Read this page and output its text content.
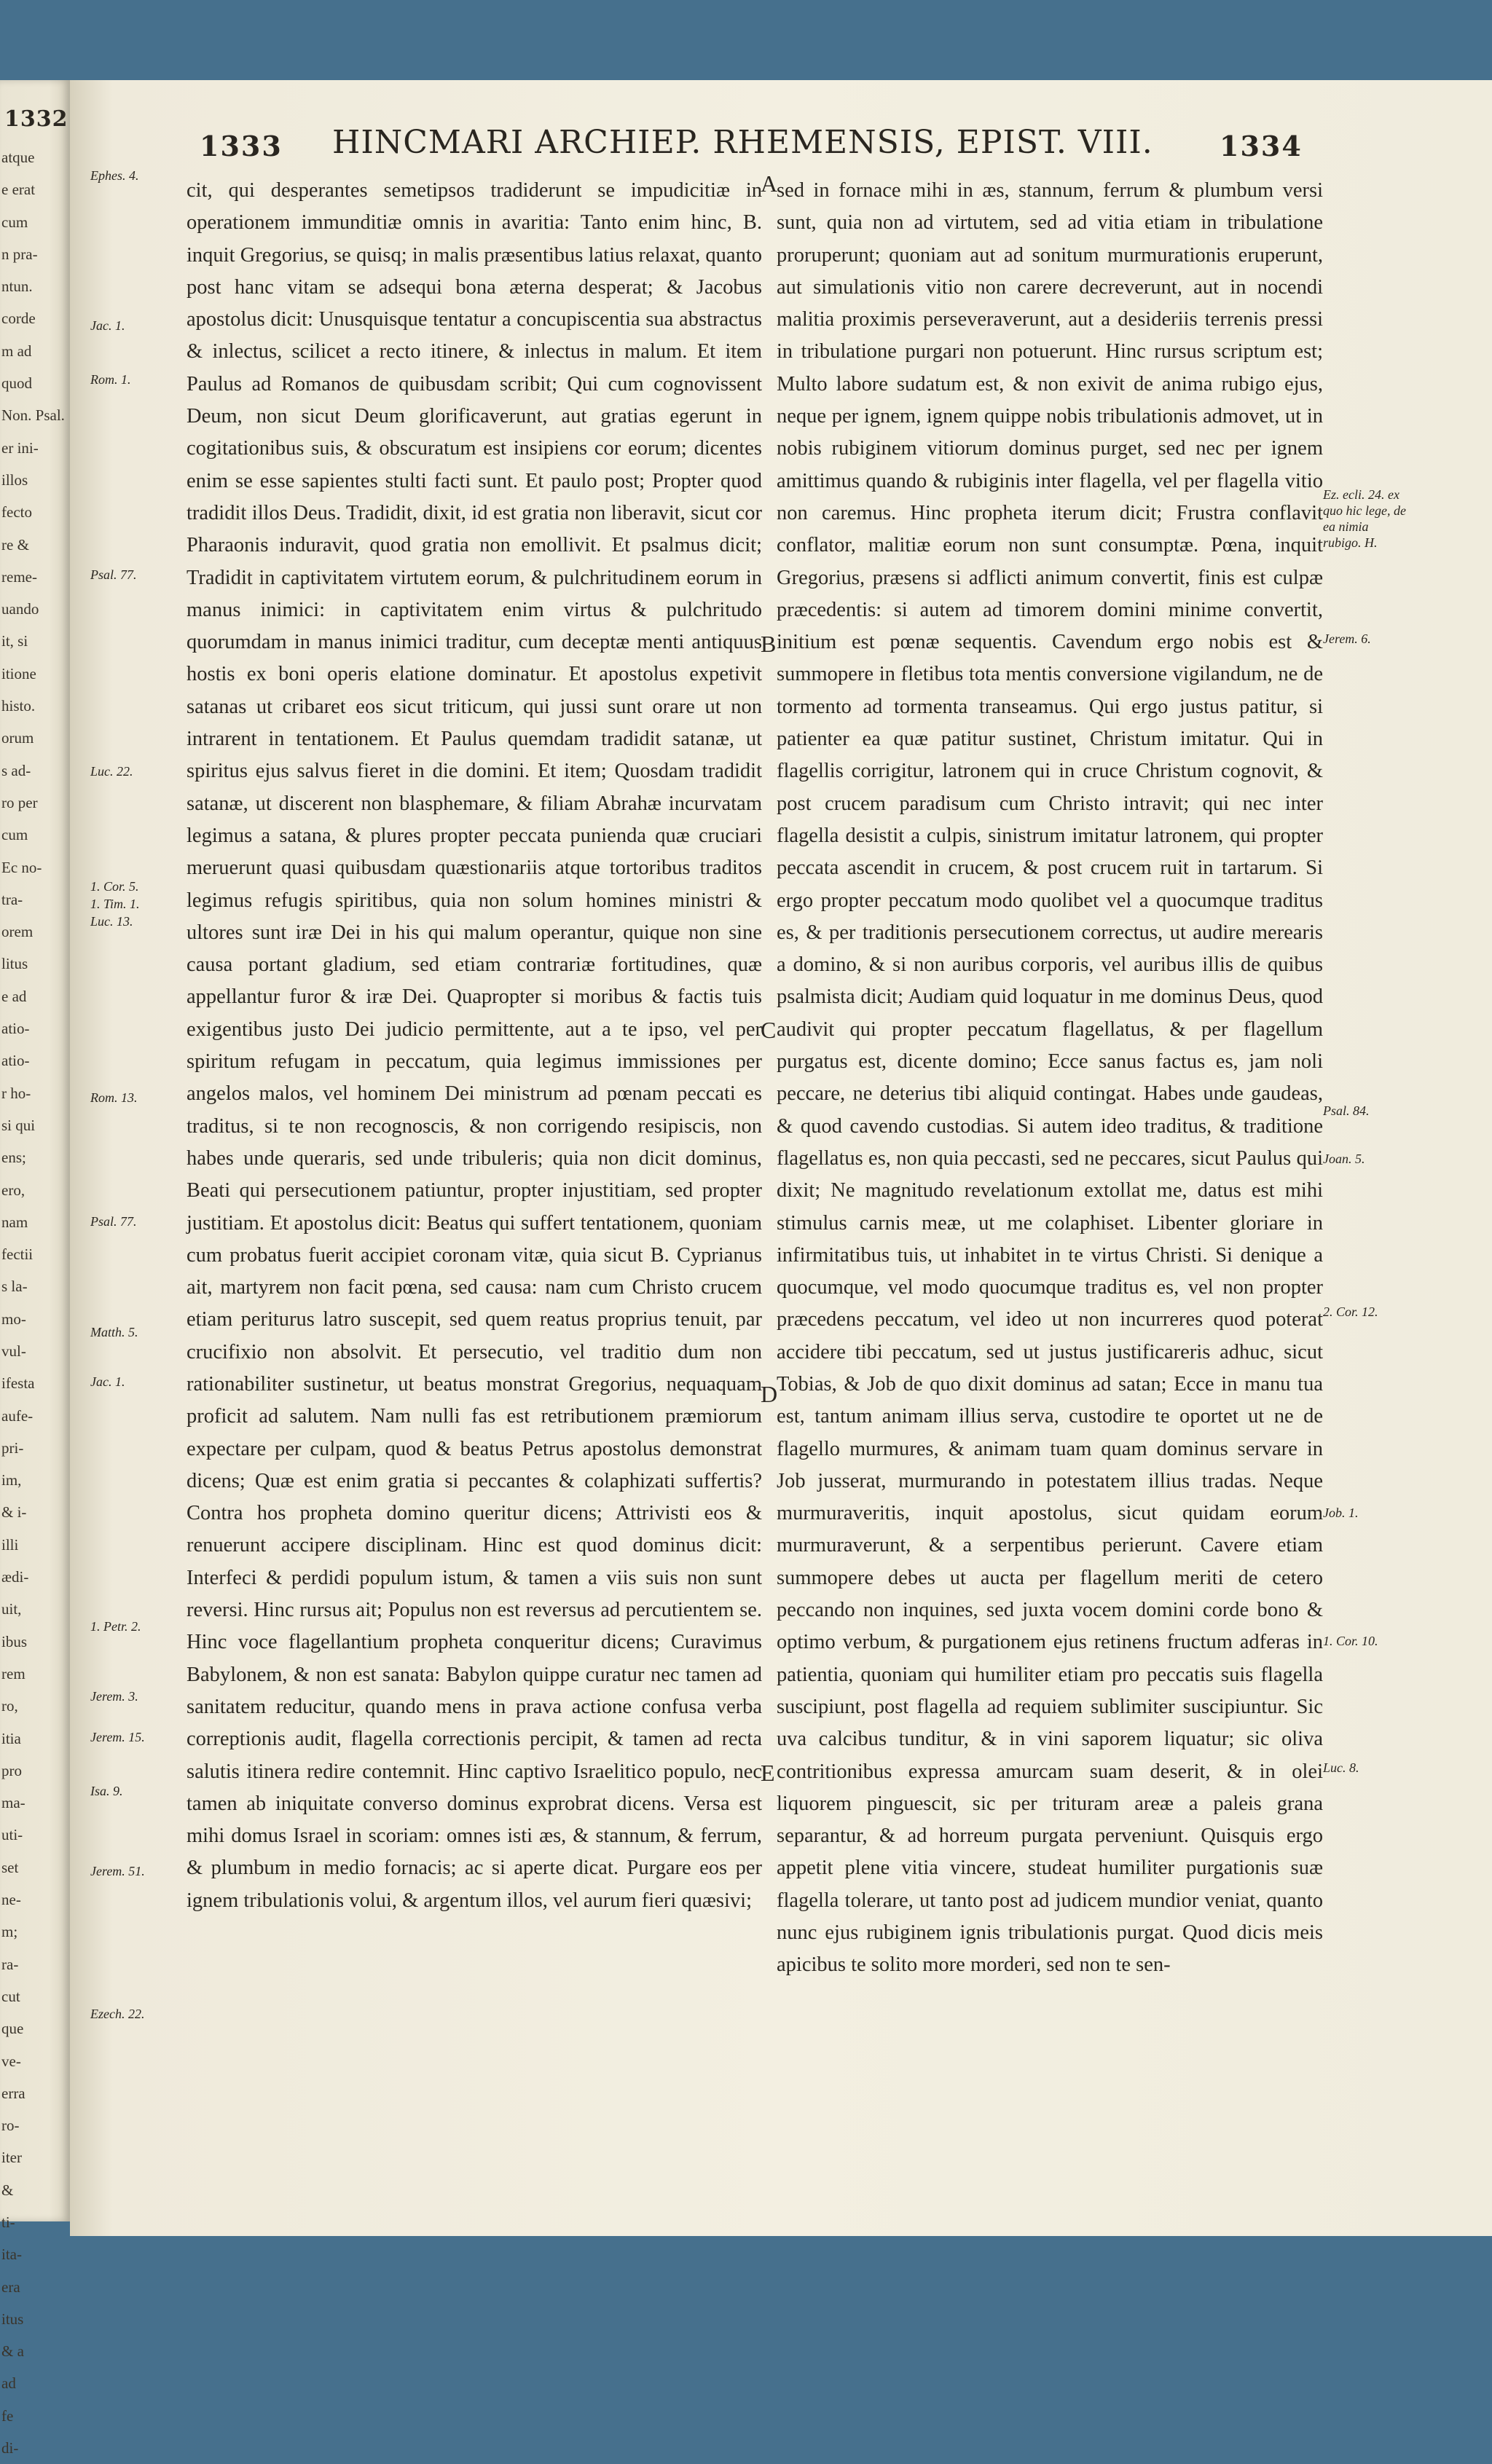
1332
atque
e erat
cum
n pra-
ntun.
corde
m ad
quod
Non. Psal.
er ini-
illos
fecto
re &
reme-
uando
it, si
itione
histo.
orum
s ad-
ro per
cum
Ec no-
tra-
orem
litus
e ad
atio-
atio-
r ho-
si qui
ens;
ero,
nam
fectii
s la-
mo-
vul-
ifesta
aufe-
pri-
im,
& i-
illi
ædi-
uit,
ibus
rem
ro,
itia
pro
ma-
uti-
set
ne-
m;
ra-
cut
que
ve-
erra
ro-
iter
&
ti-
ita-
era
itus
& a
ad
fe
di-
1333 HINCMARI ARCHIEP. RHEMENSIS, EPIST. VIII. 1334
Ephes. 4.
Jac. 1.
Rom. 1.
Psal. 77.
Luc. 22.
1. Cor. 5.
1. Tim. 1.
Luc. 13.
Rom. 13.
Psal. 77.
Matth. 5.
Jac. 1.
1. Petr. 2.
Jerem. 3.
Jerem. 15.
Isa. 9.
Jerem. 51.
Ezech. 22.

cit, qui desperantes semetipsos tradiderunt se impudicitiæ in operationem immunditiæ omnis in avaritia: Tanto enim hinc, B. inquit Gregorius, se quisq; in malis præsentibus latius relaxat, quanto post hanc vitam se adsequi bona æterna desperat; & Jacobus apostolus dicit: Unusquisque tentatur a concupiscentia sua abstractus & inlectus, scilicet a recto itinere, & inlectus in malum. Et item Paulus ad Romanos de quibusdam scribit; Qui cum cognovissent Deum, non sicut Deum glorificaverunt, aut gratias egerunt in cogitationibus suis, & obscuratum est insipiens cor eorum; dicentes enim se esse sapientes stulti facti sunt. Et paulo post; Propter quod tradidit illos Deus. Tradidit, dixit, id est gratia non liberavit, sicut cor Pharaonis induravit, quod gratia non emollivit. Et psalmus dicit; Tradidit in captivitatem virtutem eorum, & pulchritudinem eorum in manus inimici: in captivitatem enim virtus & pulchritudo quorumdam in manus inimici traditur, cum deceptæ menti antiquus hostis ex boni operis elatione dominatur. Et apostolus expetivit satanas ut cribaret eos sicut triticum, qui jussi sunt orare ut non intrarent in tentationem. Et Paulus quemdam tradidit satanæ, ut spiritus ejus salvus fieret in die domini. Et item; Quosdam tradidit satanæ, ut discerent non blasphemare, & filiam Abrahæ incurvatam legimus a satana, & plures propter peccata punienda quæ cruciari meruerunt quasi quibusdam quæstionariis atque tortoribus traditos legimus refugis spiritibus, quia non solum homines ministri & ultores sunt iræ Dei in his qui malum operantur, quique non sine causa portant gladium, sed etiam contrariæ fortitudines, quæ appellantur furor & iræ Dei. Quapropter si moribus & factis tuis exigentibus justo Dei judicio permittente, aut a te ipso, vel per spiritum refugam in peccatum, quia legimus immissiones per angelos malos, vel hominem Dei ministrum ad pœnam peccati es traditus, si te non recognoscis, & non corrigendo resipiscis, non habes unde queraris, sed unde tribuleris; quia non dicit dominus, Beati qui persecutionem patiuntur, propter injustitiam, sed propter justitiam. Et apostolus dicit: Beatus qui suffert tentationem, quoniam cum probatus fuerit accipiet coronam vitæ, quia sicut B. Cyprianus ait, martyrem non facit pœna, sed causa: nam cum Christo crucem etiam periturus latro suscepit, sed quem reatus proprius tenuit, par crucifixio non absolvit. Et persecutio, vel traditio dum non rationabiliter sustinetur, ut beatus monstrat Gregorius, nequaquam proficit ad salutem. Nam nulli fas est retributionem præmiorum expectare per culpam, quod & beatus Petrus apostolus demonstrat dicens; Quæ est enim gratia si peccantes & colaphizati suffertis? Contra hos propheta domino queritur dicens; Attrivisti eos & renuerunt accipere disciplinam. Hinc est quod dominus dicit: Interfeci & perdidi populum istum, & tamen a viis suis non sunt reversi. Hinc rursus ait; Populus non est reversus ad percutientem se. Hinc voce flagellantium propheta conqueritur dicens; Curavimus Babylonem, & non est sanata: Babylon quippe curatur nec tamen ad sanitatem reducitur, quando mens in prava actione confusa verba correptionis audit, flagella correctionis percipit, & tamen ad recta salutis itinera redire contemnit. Hinc captivo Israelitico populo, nec tamen ab iniquitate converso dominus exprobrat dicens. Versa est mihi domus Israel in scoriam: omnes isti æs, & stannum, & ferrum, & plumbum in medio fornacis; ac si aperte dicat. Purgare eos per ignem tribulationis volui, & argentum illos, vel aurum fieri quæsivi;

A
B
C
D
E

sed in fornace mihi in æs, stannum, ferrum & plumbum versi sunt, quia non ad virtutem, sed ad vitia etiam in tribulatione proruperunt; quoniam aut ad sonitum murmurationis eruperunt, aut simulationis vitio non carere decreverunt, aut in nocendi malitia proximis perseveraverunt, aut a desideriis terrenis pressi in tribulatione purgari non potuerunt. Hinc rursus scriptum est; Multo labore sudatum est, & non exivit de anima rubigo ejus, neque per ignem, ignem quippe nobis tribulationis admovet, ut in nobis rubiginem vitiorum dominus purget, sed nec per ignem amittimus quando & rubiginis inter flagella, vel per flagella vitio non caremus. Hinc propheta iterum dicit; Frustra conflavit conflator, malitiæ eorum non sunt consumptæ. Pœna, inquit Gregorius, præsens si adflicti animum convertit, finis est culpæ præcedentis: si autem ad timorem domini minime convertit, initium est pœnæ sequentis. Cavendum ergo nobis est & summopere in fletibus tota mentis conversione vigilandum, ne de tormento ad tormenta transeamus. Qui ergo justus patitur, si patienter ea quæ patitur sustinet, Christum imitatur. Qui in flagellis corrigitur, latronem qui in cruce Christum cognovit, & post crucem paradisum cum Christo intravit; qui nec inter flagella desistit a culpis, sinistrum imitatur latronem, qui propter peccata ascendit in crucem, & post crucem ruit in tartarum. Si ergo propter peccatum modo quolibet vel a quocumque traditus es, & per traditionis persecutionem correctus, ut audire merearis a domino, & si non auribus corporis, vel auribus illis de quibus psalmista dicit; Audiam quid loquatur in me dominus Deus, quod audivit qui propter peccatum flagellatus, & per flagellum purgatus est, dicente domino; Ecce sanus factus es, jam noli peccare, ne deterius tibi aliquid contingat. Habes unde gaudeas, & quod cavendo custodias. Si autem ideo traditus, & traditione flagellatus es, non quia peccasti, sed ne peccares, sicut Paulus qui dixit; Ne magnitudo revelationum extollat me, datus est mihi stimulus carnis meæ, ut me colaphiset. Libenter gloriare in infirmitatibus tuis, ut inhabitet in te virtus Christi. Si denique a quocumque, vel modo quocumque traditus es, vel non propter præcedens peccatum, vel ideo ut non incurreres quod poterat accidere tibi peccatum, sed ut justus justificareris adhuc, sicut Tobias, & Job de quo dixit dominus ad satan; Ecce in manu tua est, tantum animam illius serva, custodire te oportet ut ne de flagello murmures, & animam tuam quam dominus servare in Job jusserat, murmurando in potestatem illius tradas. Neque murmuraveritis, inquit apostolus, sicut quidam eorum murmuraverunt, & a serpentibus perierunt. Cavere etiam summopere debes ut aucta per flagellum meriti de cetero peccando non inquines, sed juxta vocem domini corde bono & optimo verbum, & purgationem ejus retinens fructum adferas in patientia, quoniam qui humiliter etiam pro peccatis suis flagella suscipiunt, post flagella ad requiem sublimiter suscipiuntur. Sic uva calcibus tunditur, & in vini saporem liquatur; sic oliva contritionibus expressa amurcam suam deserit, & in olei liquorem pinguescit, sic per trituram areæ a paleis grana separantur, & ad horreum purgata perveniunt. Quisquis ergo appetit plene vitia vincere, studeat humiliter purgationis suæ flagella tolerare, ut tanto post ad judicem mundior veniat, quanto nunc ejus rubiginem ignis tribulationis purgat. Quod dicis meis apicibus te solito more morderi, sed non te sen-

Ez. ecli. 24. ex quo hic lege, de ea nimia rubigo. H.
Jerem. 6.
Psal. 84.
Joan. 5.
2. Cor. 12.
Job. 1.
1. Cor. 10.
Luc. 8.
